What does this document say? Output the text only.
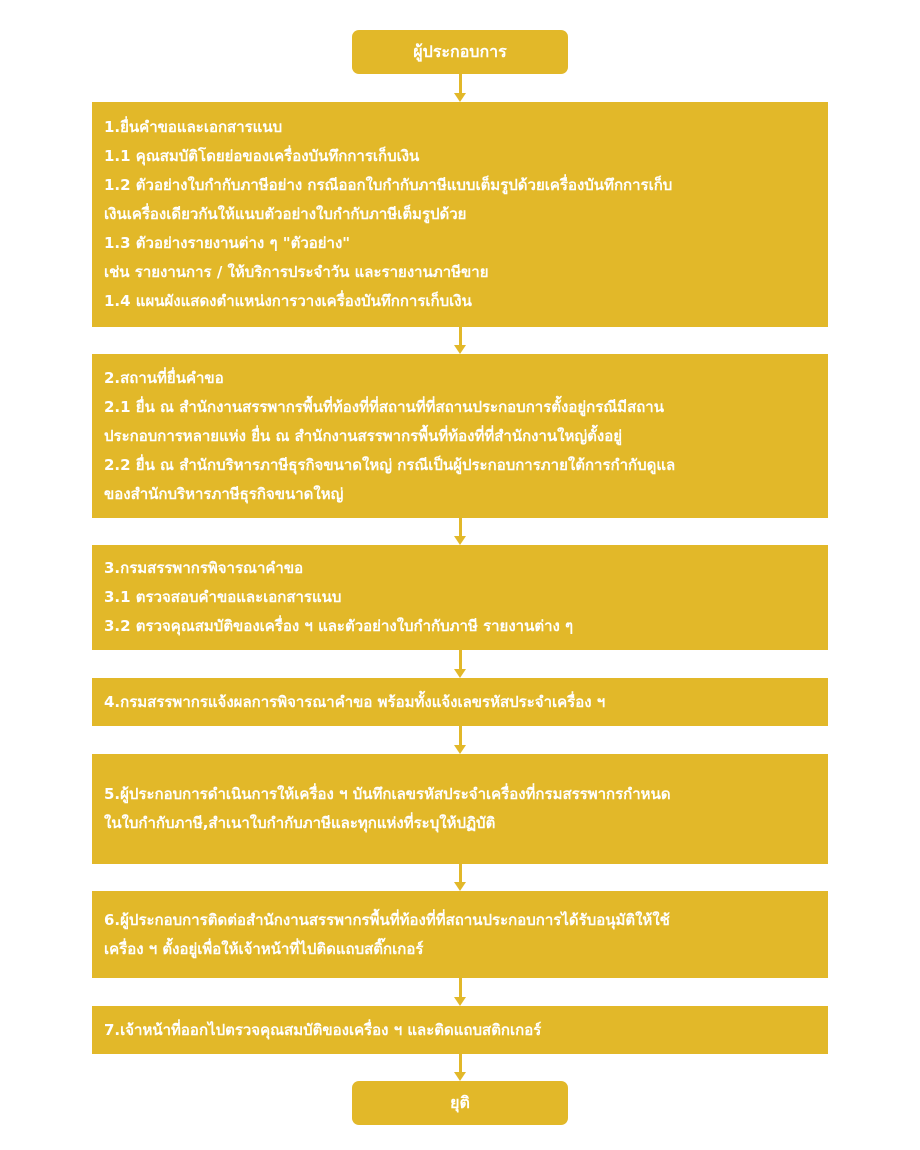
ผู้ประกอบการ
1.ยื่นคำขอและเอกสารแนบ
1.1 คุณสมบัติโดยย่อของเครื่องบันทึกการเก็บเงิน
1.2 ตัวอย่างใบกำกับภาษีอย่าง กรณีออกใบกำกับภาษีแบบเต็มรูปด้วยเครื่องบันทึกการเก็บ
เงินเครื่องเดียวกันให้แนบตัวอย่างใบกำกับภาษีเต็มรูปด้วย
1.3 ตัวอย่างรายงานต่าง ๆ "ตัวอย่าง"
เช่น รายงานการ / ให้บริการประจำวัน และรายงานภาษีขาย
1.4 แผนผังแสดงตำแหน่งการวางเครื่องบันทึกการเก็บเงิน
2.สถานที่ยื่นคำขอ
2.1 ยื่น ณ สำนักงานสรรพากรพื้นที่ท้องที่ที่สถานที่ที่สถานประกอบการตั้งอยู่กรณีมีสถาน
ประกอบการหลายแห่ง ยื่น ณ สำนักงานสรรพากรพื้นที่ท้องที่ที่สำนักงานใหญ่ตั้งอยู่
2.2 ยื่น ณ สำนักบริหารภาษีธุรกิจขนาดใหญ่ กรณีเป็นผู้ประกอบการภายใต้การกำกับดูแล
ของสำนักบริหารภาษีธุรกิจขนาดใหญ่
3.กรมสรรพากรพิจารณาคำขอ
3.1 ตรวจสอบคำขอและเอกสารแนบ
3.2 ตรวจคุณสมบัติของเครื่อง ฯ และตัวอย่างใบกำกับภาษี รายงานต่าง ๆ
4.กรมสรรพากรแจ้งผลการพิจารณาคำขอ พร้อมทั้งแจ้งเลขรหัสประจำเครื่อง ฯ
5.ผู้ประกอบการดำเนินการให้เครื่อง ฯ บันทึกเลขรหัสประจำเครื่องที่กรมสรรพากรกำหนด
ในใบกำกับภาษี,สำเนาใบกำกับภาษีและทุกแห่งที่ระบุให้ปฏิบัติ
6.ผู้ประกอบการติดต่อสำนักงานสรรพากรพื้นที่ท้องที่ที่สถานประกอบการได้รับอนุมัติให้ใช้
เครื่อง ฯ ตั้งอยู่เพื่อให้เจ้าหน้าที่ไปติดแถบสติ๊กเกอร์
7.เจ้าหน้าที่ออกไปตรวจคุณสมบัติของเครื่อง ฯ และติดแถบสติกเกอร์
ยุติ
